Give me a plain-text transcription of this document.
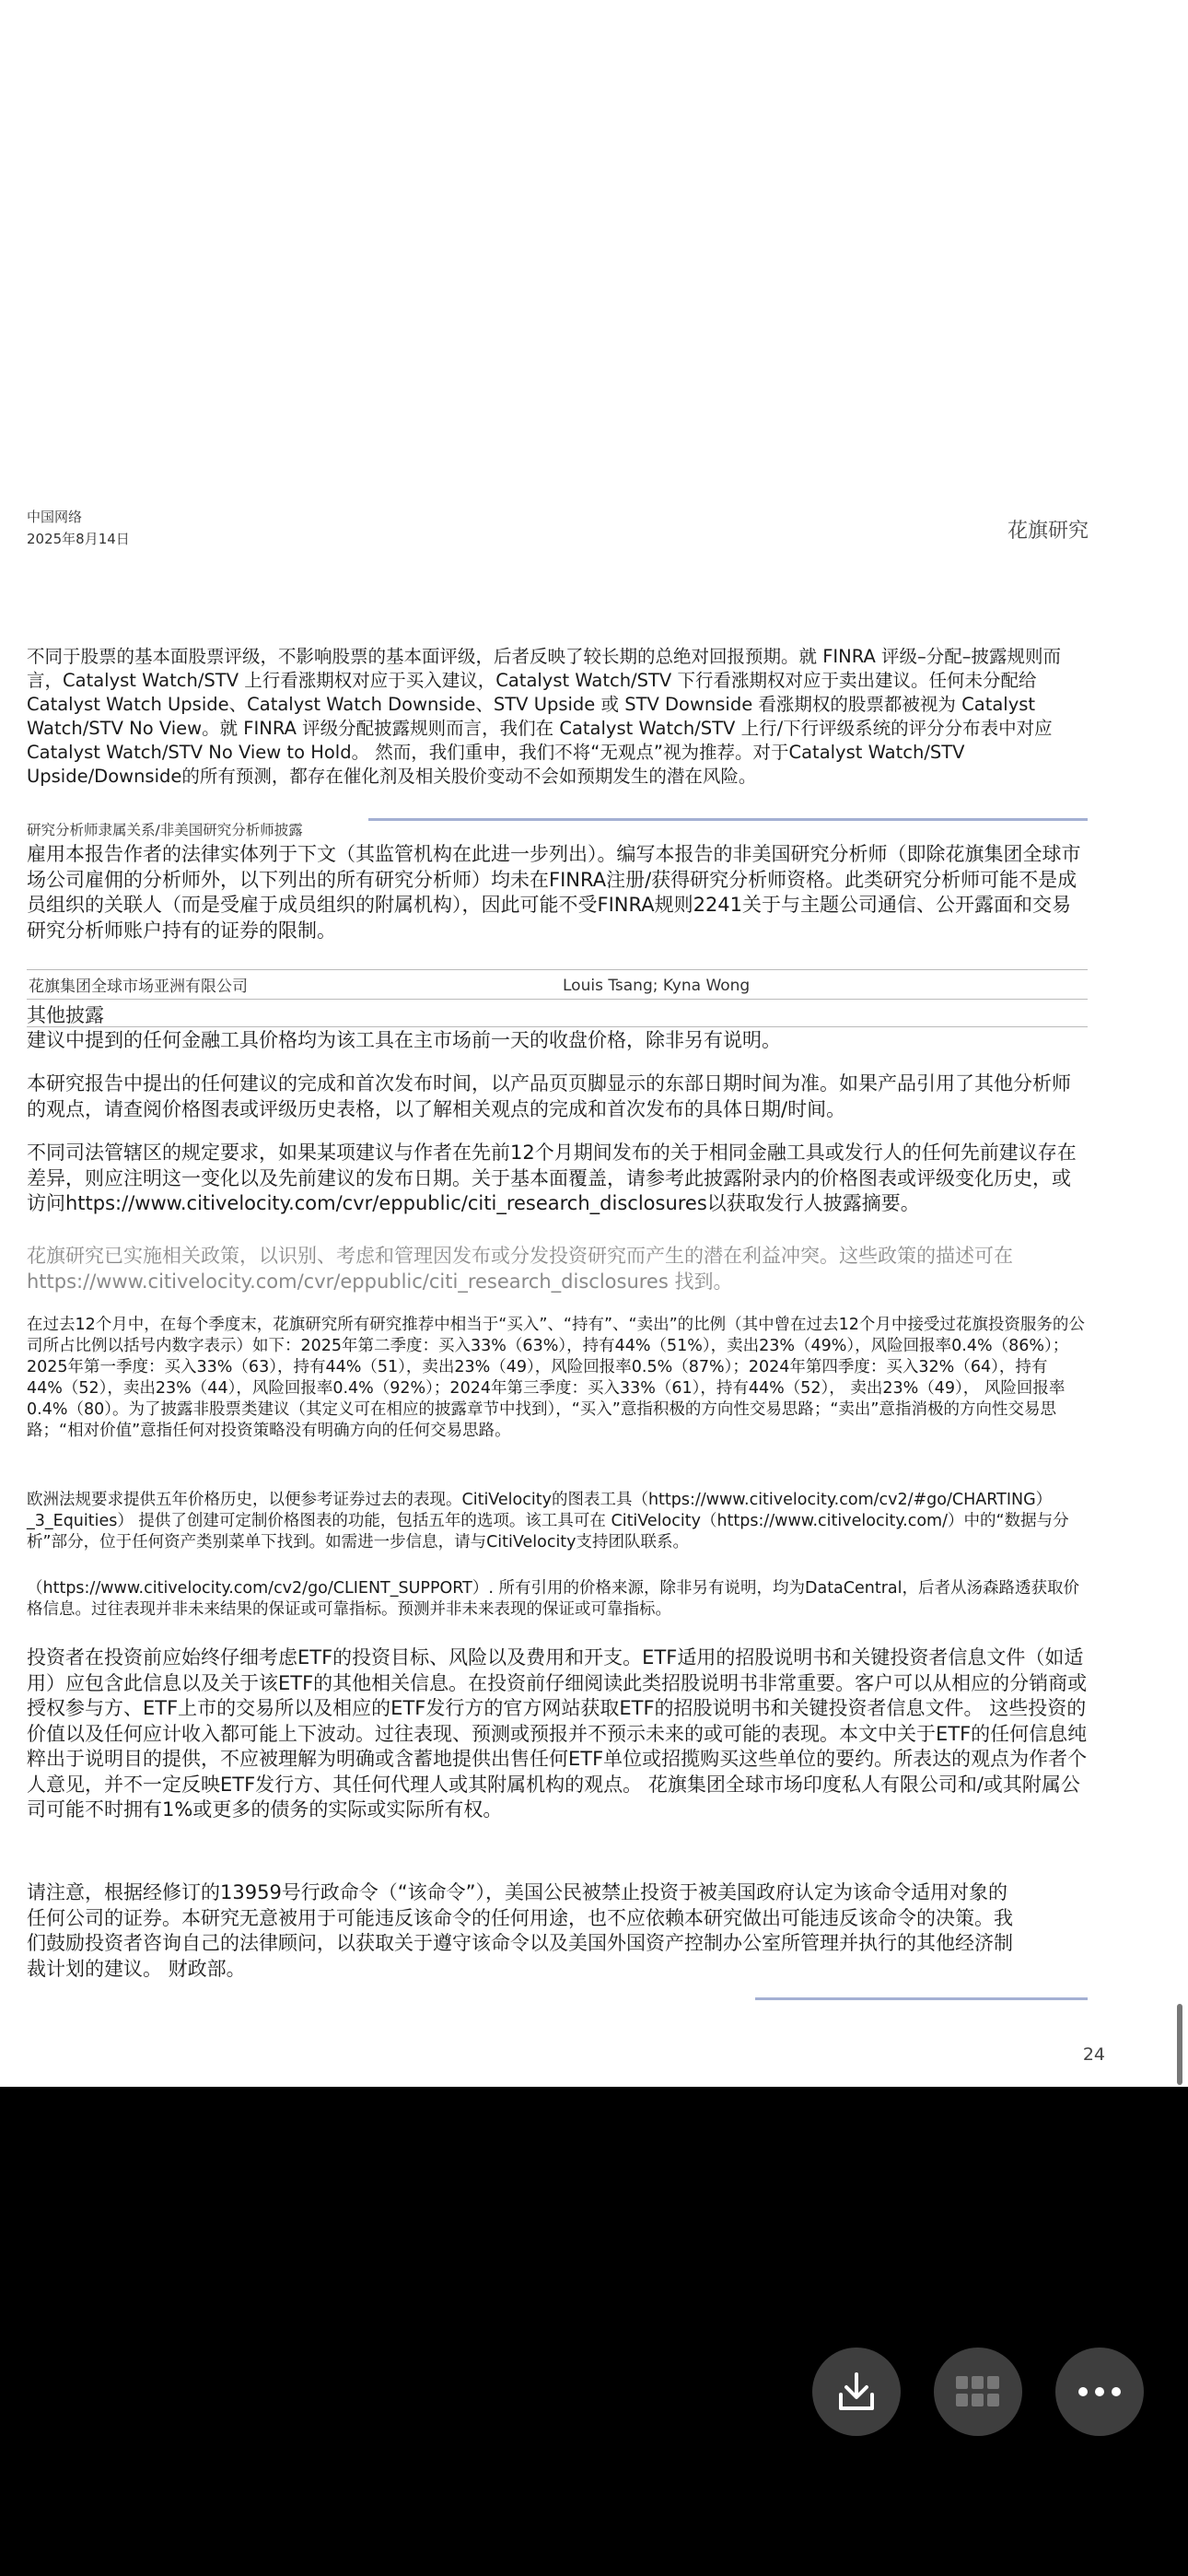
中国网络
2025年8月14日	花旗研究
不同于股票的基本面股票评级，不影响股票的基本面评级，后者反映了较长期的总绝对回报预期。就 FINRA 评级–分配–披露规则而言，Catalyst Watch/STV 上行看涨期权对应于买入建议，Catalyst Watch/STV 下行看涨期权对应于卖出建议。任何未分配给Catalyst Watch Upside、Catalyst Watch Downside、STV Upside 或 STV Downside 看涨期权的股票都被视为 Catalyst Watch/STV No View。就 FINRA 评级分配披露规则而言，我们在 Catalyst Watch/STV 上行/下行评级系统的评分分布表中对应 Catalyst Watch/STV No View to Hold。 然而，我们重申，我们不将“无观点”视为推荐。对于Catalyst Watch/STV Upside/Downside的所有预测，都存在催化剂及相关股价变动不会如预期发生的潜在风险。
研究分析师隶属关系/非美国研究分析师披露
雇用本报告作者的法律实体列于下文（其监管机构在此进一步列出）。编写本报告的非美国研究分析师（即除花旗集团全球市场公司雇佣的分析师外，以下列出的所有研究分析师）均未在FINRA注册/获得研究分析师资格。此类研究分析师可能不是成员组织的关联人（而是受雇于成员组织的附属机构），因此可能不受FINRA规则2241关于与主题公司通信、公开露面和交易研究分析师账户持有的证券的限制。
花旗集团全球市场亚洲有限公司	Louis Tsang; Kyna Wong
其他披露
建议中提到的任何金融工具价格均为该工具在主市场前一天的收盘价格，除非另有说明。
本研究报告中提出的任何建议的完成和首次发布时间，以产品页页脚显示的东部日期时间为准。如果产品引用了其他分析师的观点，请查阅价格图表或评级历史表格，以了解相关观点的完成和首次发布的具体日期/时间。
不同司法管辖区的规定要求，如果某项建议与作者在先前12个月期间发布的关于相同金融工具或发行人的任何先前建议存在差异，则应注明这一变化以及先前建议的发布日期。关于基本面覆盖，请参考此披露附录内的价格图表或评级变化历史，或访问https://www.citivelocity.com/cvr/eppublic/citi_research_disclosures以获取发行人披露摘要。
花旗研究已实施相关政策，以识别、考虑和管理因发布或分发投资研究而产生的潜在利益冲突。这些政策的描述可在 https://www.citivelocity.com/cvr/eppublic/citi_research_disclosures 找到。
在过去12个月中，在每个季度末，花旗研究所有研究推荐中相当于“买入”、“持有”、“卖出”的比例（其中曾在过去12个月中接受过花旗投资服务的公司所占比例以括号内数字表示）如下：2025年第二季度：买入33%（63%），持有44%（51%），卖出23%（49%），风险回报率0.4%（86%）；2025年第一季度：买入33%（63），持有44%（51），卖出23%（49），风险回报率0.5%（87%）；2024年第四季度：买入32%（64），持有44%（52），卖出23%（44），风险回报率0.4%（92%）；2024年第三季度：买入33%（61），持有44%（52）， 卖出23%（49）， 风险回报率0.4%（80）。为了披露非股票类建议（其定义可在相应的披露章节中找到），“买入”意指积极的方向性交易思路；“卖出”意指消极的方向性交易思路；“相对价值”意指任何对投资策略没有明确方向的任何交易思路。
欧洲法规要求提供五年价格历史，以便参考证券过去的表现。CitiVelocity的图表工具（https://www.citivelocity.com/cv2/#go/CHARTING）_3_Equities） 提供了创建可定制价格图表的功能，包括五年的选项。该工具可在 CitiVelocity（https://www.citivelocity.com/）中的“数据与分析”部分，位于任何资产类别菜单下找到。如需进一步信息，请与CitiVelocity支持团队联系。
（https://www.citivelocity.com/cv2/go/CLIENT_SUPPORT）. 所有引用的价格来源，除非另有说明，均为DataCentral，后者从汤森路透获取价格信息。过往表现并非未来结果的保证或可靠指标。预测并非未来表现的保证或可靠指标。
投资者在投资前应始终仔细考虑ETF的投资目标、风险以及费用和开支。ETF适用的招股说明书和关键投资者信息文件（如适用）应包含此信息以及关于该ETF的其他相关信息。在投资前仔细阅读此类招股说明书非常重要。客户可以从相应的分销商或授权参与方、ETF上市的交易所以及相应的ETF发行方的官方网站获取ETF的招股说明书和关键投资者信息文件。 这些投资的价值以及任何应计收入都可能上下波动。过往表现、预测或预报并不预示未来的或可能的表现。本文中关于ETF的任何信息纯粹出于说明目的提供，不应被理解为明确或含蓄地提供出售任何ETF单位或招揽购买这些单位的要约。所表达的观点为作者个人意见，并不一定反映ETF发行方、其任何代理人或其附属机构的观点。 花旗集团全球市场印度私人有限公司和/或其附属公司可能不时拥有1%或更多的债务的实际或实际所有权。
请注意，根据经修订的13959号行政命令（“该命令”），美国公民被禁止投资于被美国政府认定为该命令适用对象的任何公司的证券。本研究无意被用于可能违反该命令的任何用途，也不应依赖本研究做出可能违反该命令的决策。我们鼓励投资者咨询自己的法律顾问，以获取关于遵守该命令以及美国外国资产控制办公室所管理并执行的其他经济制裁计划的建议。 财政部。
24
